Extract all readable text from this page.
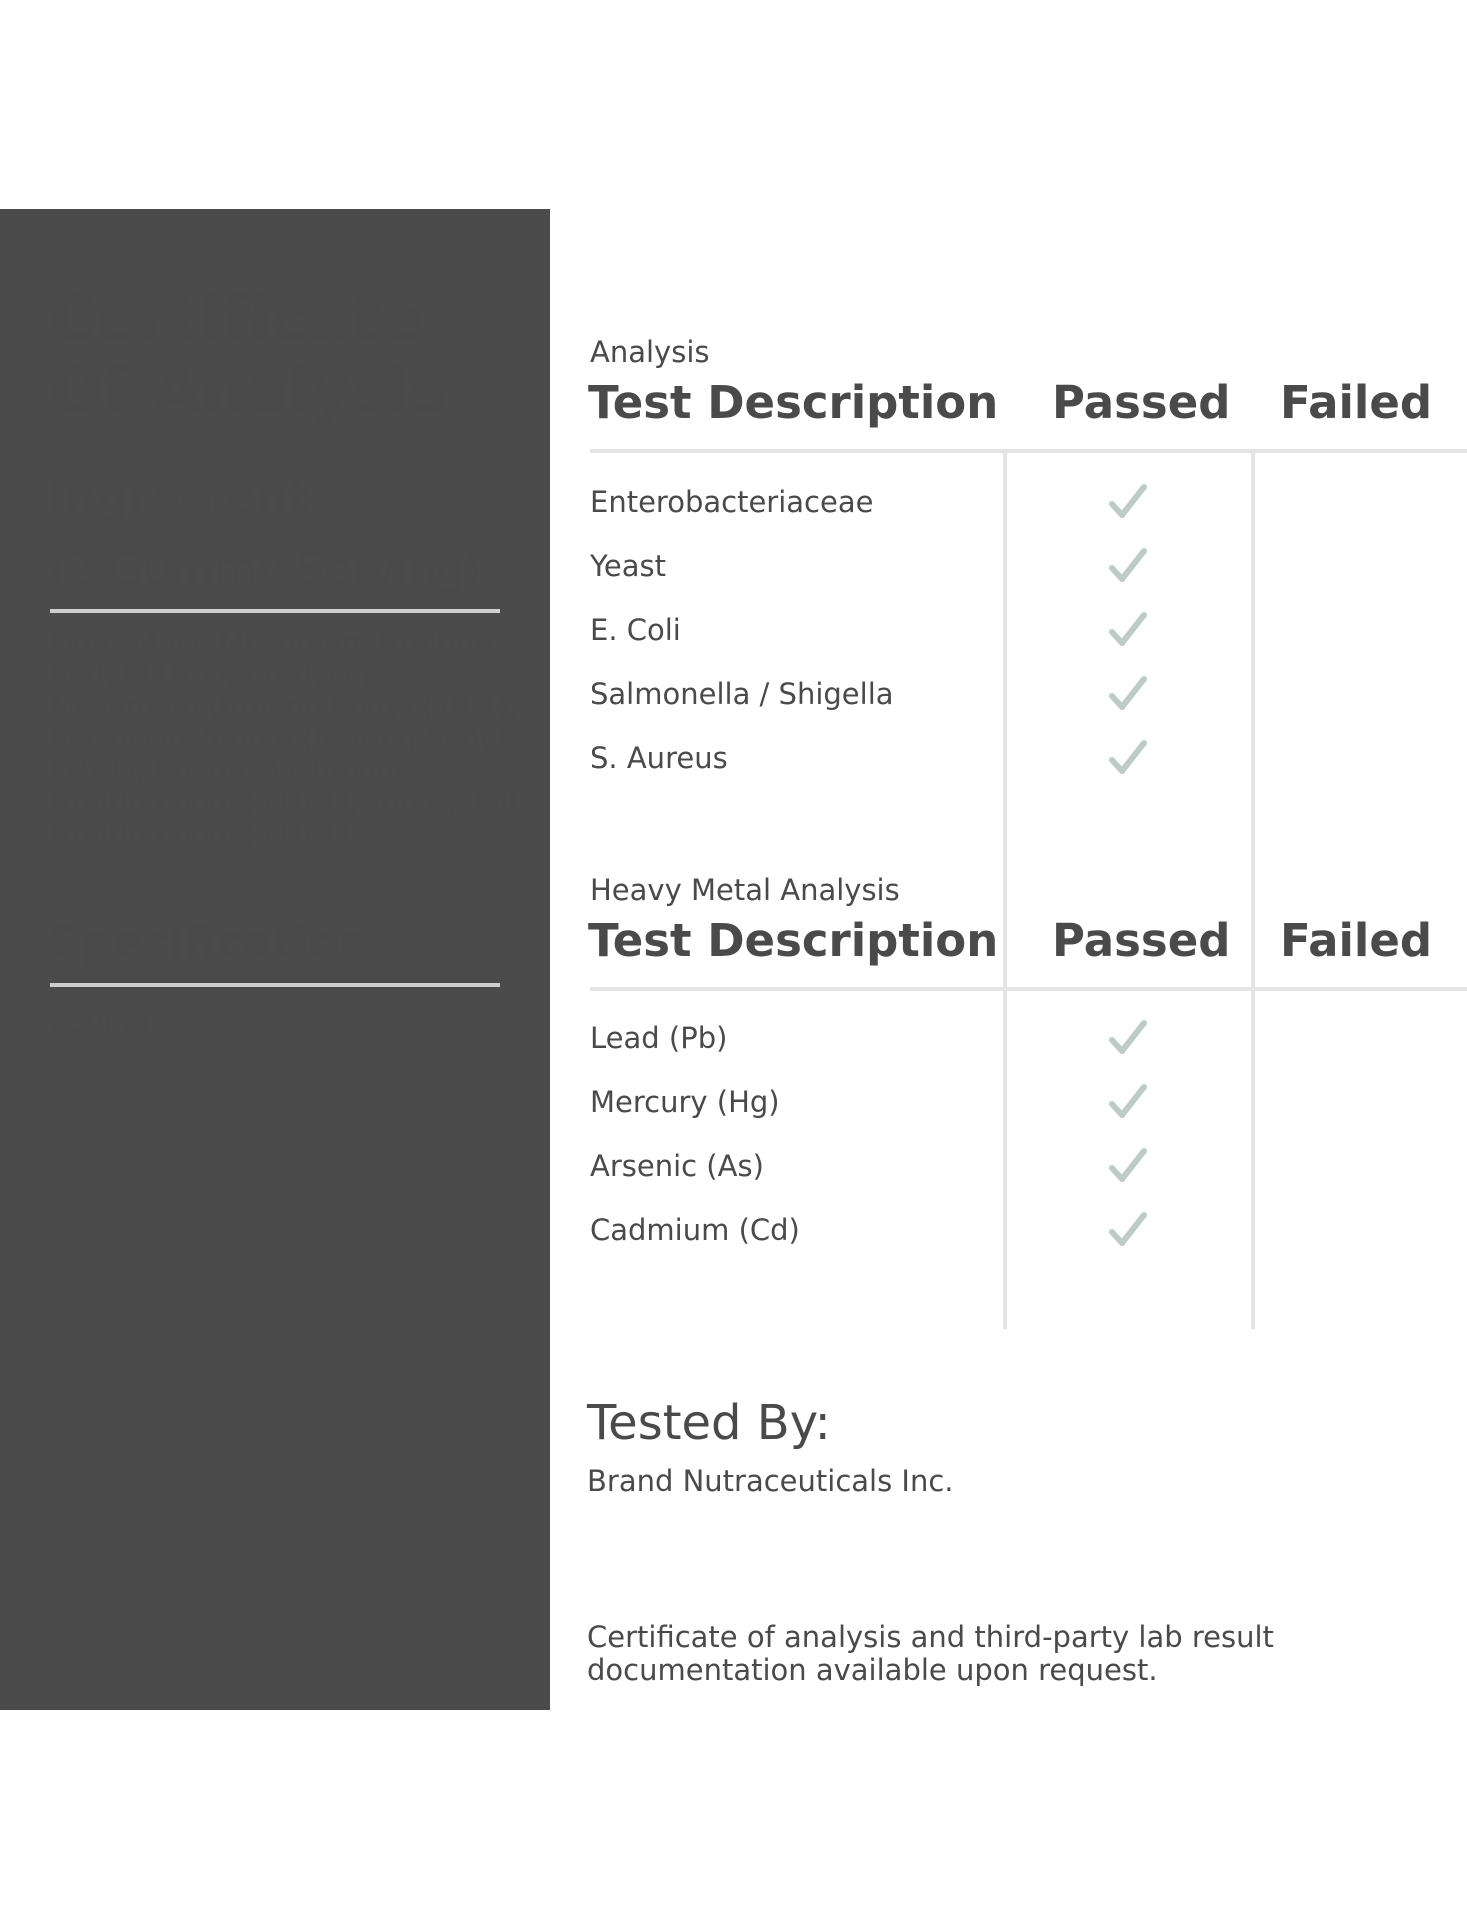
Certificate
Of Analysis
Ingredient
(2 Gummy Serving)
Lions Mane Mushroom (fruiting body) (10:1), Cordyceps Mushroom (fruiting body) (10:1), Reishi Mushroom (fruiting body) (10:1), Chaga Mushroom (fruiting body) (10:1), Turkey Tail (fruiting body) (10:1)
Specification
250mg
Analysis
Test Description Passed Failed
Enterobacteriaceae
Yeast
E. Coli
Salmonella / Shigella
S. Aureus
Heavy Metal Analysis
Test Description Passed Failed
Lead (Pb)
Mercury (Hg)
Arsenic (As)
Cadmium (Cd)
Tested By:
Brand Nutraceuticals Inc.
Certificate of analysis and third-party lab result documentation available upon request.
